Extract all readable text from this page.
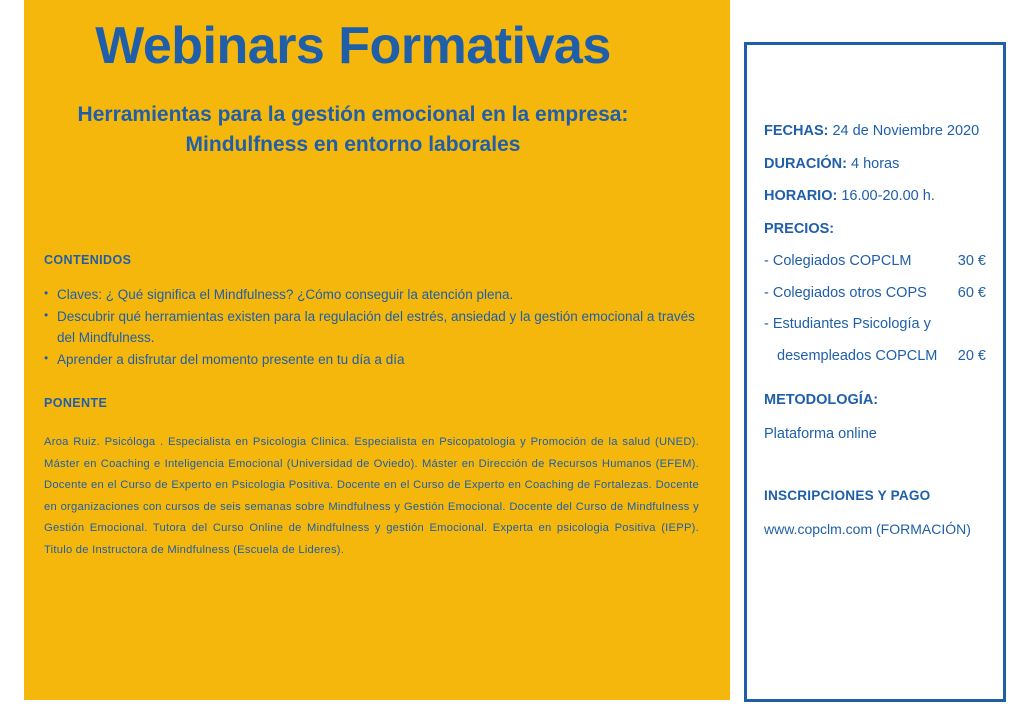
Webinars Formativas
Herramientas para la gestión emocional en la empresa:
Mindulfness en entorno laborales
CONTENIDOS
• Claves: ¿ Qué significa el Mindfulness? ¿Cómo conseguir la atención plena.
• Descubrir qué herramientas existen para la regulación del estrés, ansiedad y la gestión emocional a través del Mindfulness.
• Aprender a disfrutar del momento presente en tu día a día
PONENTE
Aroa Ruiz. Psicóloga . Especialista en Psicologia Clinica. Especialista en Psicopatologia y Promoción de la salud (UNED). Máster en Coaching e Inteligencia Emocional (Universidad de Oviedo). Máster en Dirección de Recursos Humanos (EFEM). Docente en el Curso de Experto en Psicologia Positiva. Docente en el Curso de Experto en Coaching de Fortalezas. Docente en organizaciones con cursos de seis semanas sobre Mindfulness y Gestión Emocional. Docente del Curso de Mindfulness y Gestión Emocional. Tutora del Curso Online de Mindfulness y gestión Emocional. Experta en psicologia Positiva (IEPP). Titulo de Instructora de Mindfulness (Escuela de Lideres).
FECHAS: 24 de Noviembre 2020
DURACIÓN: 4 horas
HORARIO: 16.00-20.00 h.
PRECIOS:
- Colegiados COPCLM	30 €
- Colegiados otros COPS 60 €
- Estudiantes Psicología y
desempleados COPCLM 20 €
METODOLOGÍA:
Plataforma online
INSCRIPCIONES Y PAGO
www.copclm.com (FORMACIÓN)
